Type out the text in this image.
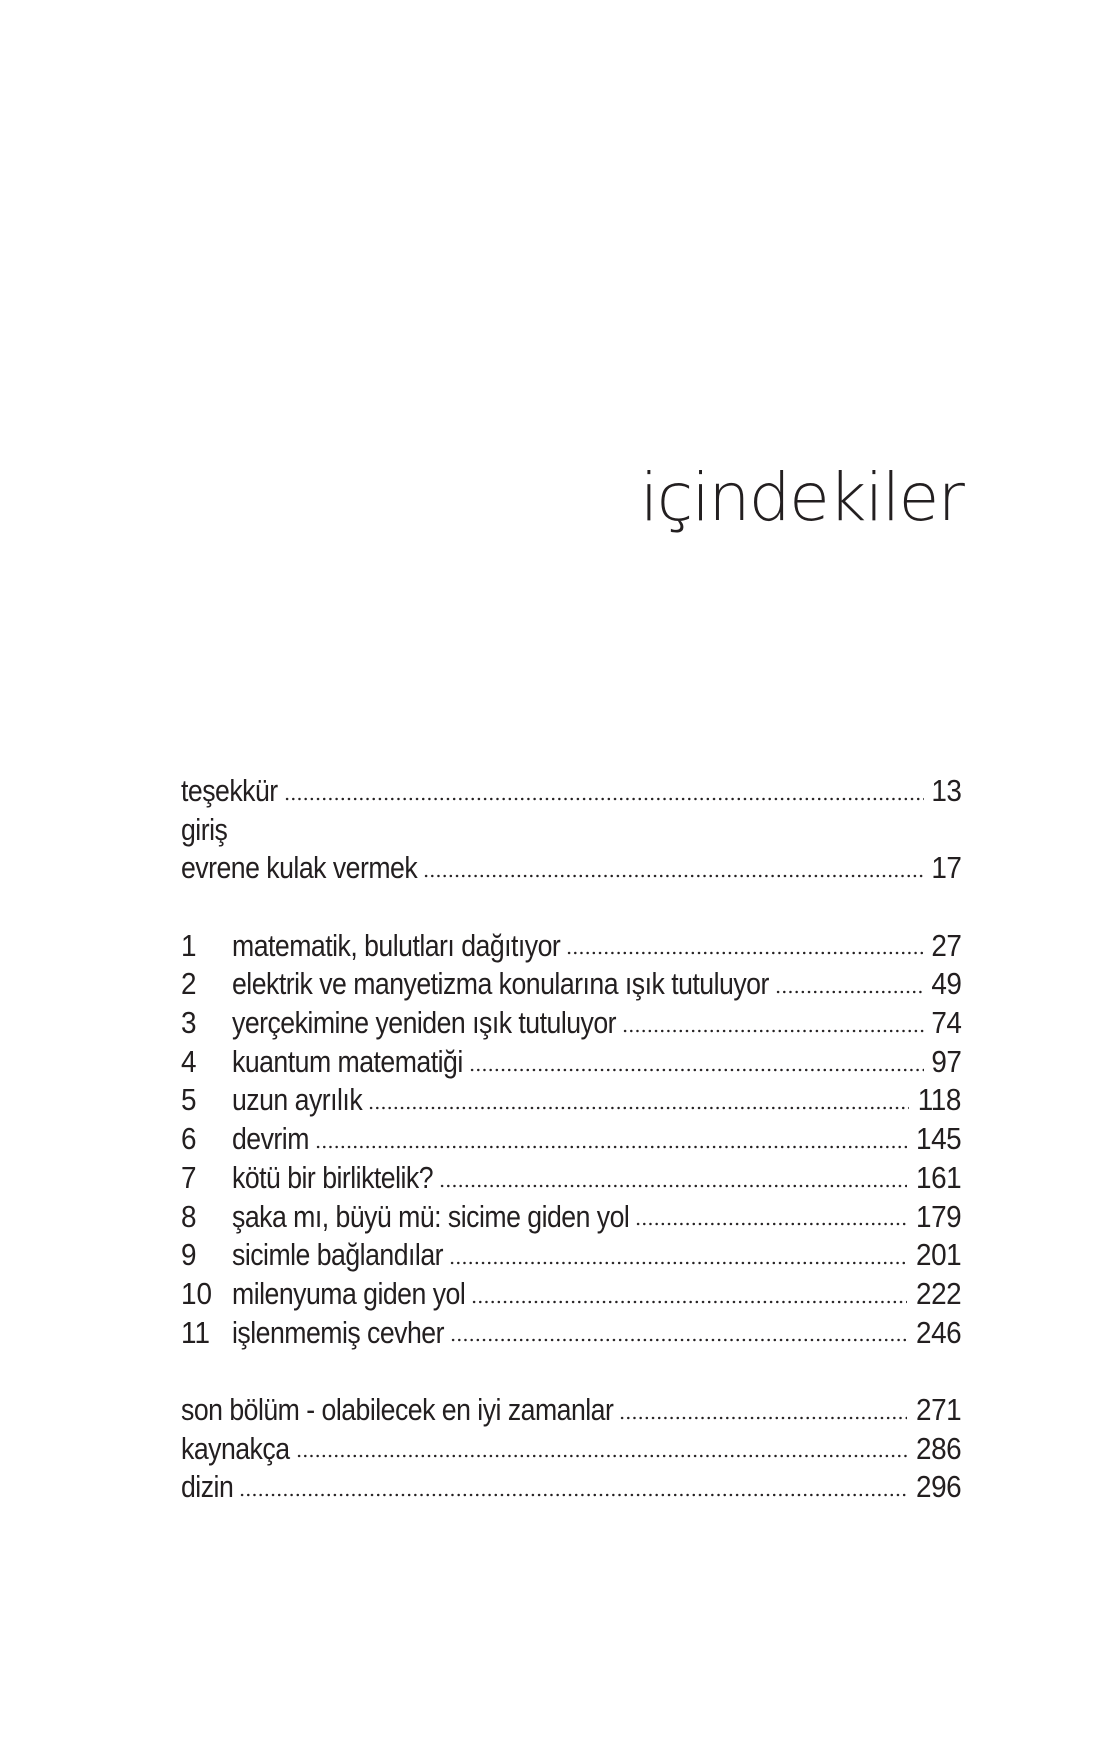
içindekiler
teşekkür	13
giriş
evrene kulak vermek	17
1	matematik, bulutları dağıtıyor	27
2	elektrik ve manyetizma konularına ışık tutuluyor	49
3	yerçekimine yeniden ışık tutuluyor	74
4	kuantum matematiği	97
5	uzun ayrılık	118
6	devrim	145
7	kötü bir birliktelik?	161
8	şaka mı, büyü mü: sicime giden yol	179
9	sicimle bağlandılar	201
10 milenyuma giden yol	222
11 işlenmemiş cevher	246
son bölüm - olabilecek en iyi zamanlar	271
kaynakça	286
dizin	296
